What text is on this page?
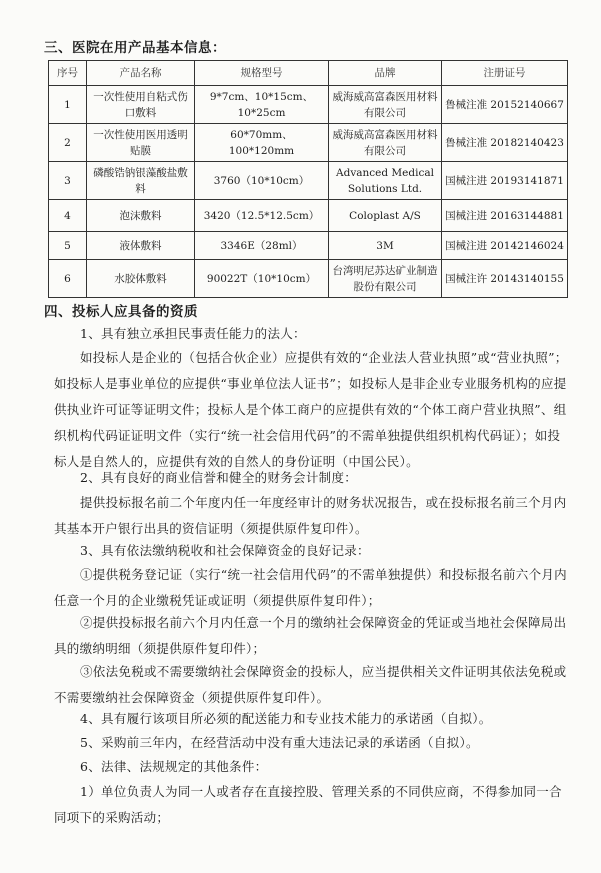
三、医院在用产品基本信息：
序号	产品名称	规格型号	品牌	注册证号
1	一次性使用自粘式伤口敷料	9*7cm、10*15cm、10*25cm	威海威高富森医用材料有限公司	鲁械注准 20152140667
2	一次性使用医用透明贴膜	60*70mm、100*120mm	威海威高富森医用材料有限公司	鲁械注准 20182140423
3	磷酸锆钠银藻酸盐敷料	3760（10*10cm）	Advanced Medical Solutions Ltd.	国械注进 20193141871
4	泡沫敷料	3420（12.5*12.5cm）	Coloplast A/S	国械注进 20163144881
5	液体敷料	3346E（28ml）	3M	国械注进 20142146024
6	水胶体敷料	90022T（10*10cm）	台湾明尼苏达矿业制造股份有限公司	国械注许 20143140155
四、投标人应具备的资质
1、具有独立承担民事责任能力的法人：
如投标人是企业的（包括合伙企业）应提供有效的“企业法人营业执照”或“营业执照”；如投标人是事业单位的应提供“事业单位法人证书”；如投标人是非企业专业服务机构的应提供执业许可证等证明文件；投标人是个体工商户的应提供有效的“个体工商户营业执照”、组织机构代码证证明文件（实行“统一社会信用代码”的不需单独提供组织机构代码证）；如投标人是自然人的，应提供有效的自然人的身份证明（中国公民）。
2、具有良好的商业信誉和健全的财务会计制度：
提供投标报名前二个年度内任一年度经审计的财务状况报告，或在投标报名前三个月内其基本开户银行出具的资信证明（须提供原件复印件）。
3、具有依法缴纳税收和社会保障资金的良好记录：
①提供税务登记证（实行“统一社会信用代码”的不需单独提供）和投标报名前六个月内任意一个月的企业缴税凭证或证明（须提供原件复印件）；
②提供投标报名前六个月内任意一个月的缴纳社会保障资金的凭证或当地社会保障局出具的缴纳明细（须提供原件复印件）；
③依法免税或不需要缴纳社会保障资金的投标人，应当提供相关文件证明其依法免税或不需要缴纳社会保障资金（须提供原件复印件）。
4、具有履行该项目所必须的配送能力和专业技术能力的承诺函（自拟）。
5、采购前三年内，在经营活动中没有重大违法记录的承诺函（自拟）。
6、法律、法规规定的其他条件：
1）单位负责人为同一人或者存在直接控股、管理关系的不同供应商，不得参加同一合同项下的采购活动；
